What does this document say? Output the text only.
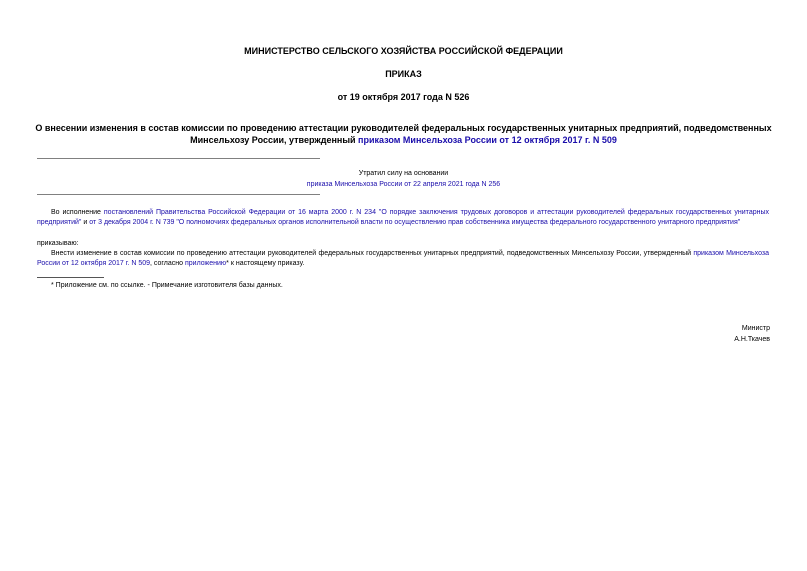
МИНИСТЕРСТВО СЕЛЬСКОГО ХОЗЯЙСТВА РОССИЙСКОЙ ФЕДЕРАЦИИ
ПРИКАЗ
от 19 октября 2017 года N 526
О внесении изменения в состав комиссии по проведению аттестации руководителей федеральных государственных унитарных предприятий, подведомственных Минсельхозу России, утвержденный приказом Минсельхоза России от 12 октября 2017 г. N 509
Утратил силу на основании
приказа Минсельхоза России от 22 апреля 2021 года N 256
Во исполнение постановлений Правительства Российской Федерации от 16 марта 2000 г. N 234 "О порядке заключения трудовых договоров и аттестации руководителей федеральных государственных унитарных предприятий" и от 3 декабря 2004 г. N 739 "О полномочиях федеральных органов исполнительной власти по осуществлению прав собственника имущества федерального государственного унитарного предприятия"
приказываю:
Внести изменение в состав комиссии по проведению аттестации руководителей федеральных государственных унитарных предприятий, подведомственных Минсельхозу России, утвержденный приказом Минсельхоза России от 12 октября 2017 г. N 509, согласно приложению* к настоящему приказу.
* Приложение см. по ссылке. - Примечание изготовителя базы данных.
Министр
А.Н.Ткачев
